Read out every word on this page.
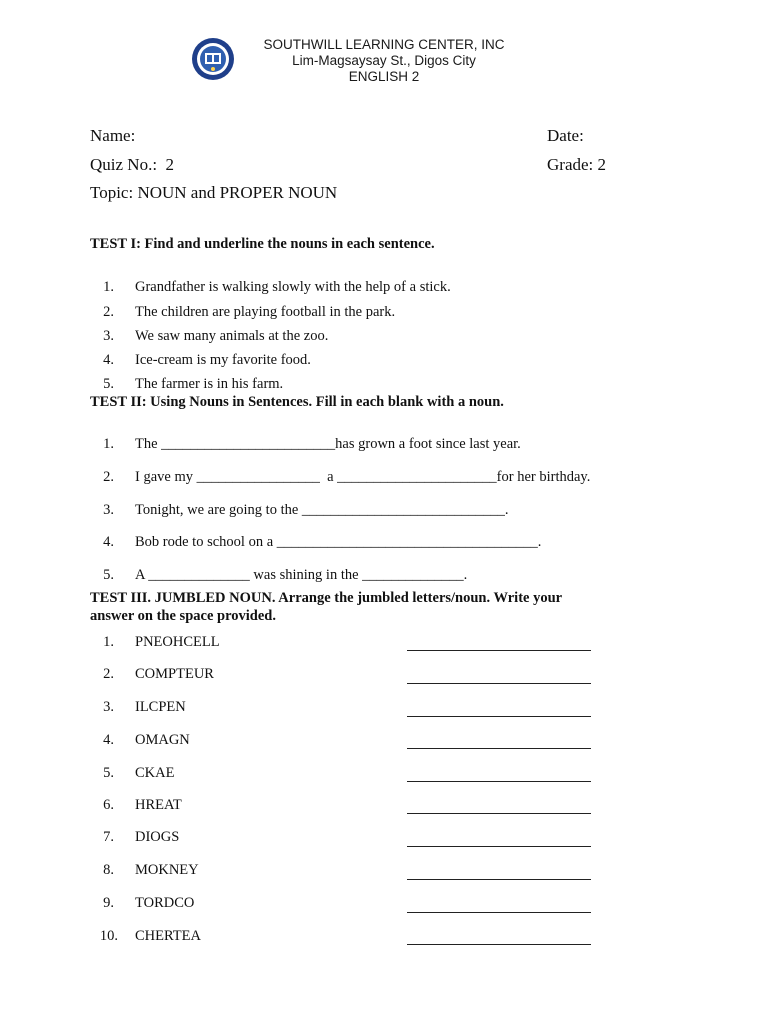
SOUTHWILL LEARNING CENTER, INC
Lim-Magsaysay St., Digos City
ENGLISH 2
Name:	Date:
Quiz No.:  2	Grade: 2
Topic: NOUN and PROPER NOUN
TEST I: Find and underline the nouns in each sentence.

1. Grandfather is walking slowly with the help of a stick.

2. The children are playing football in the park.

3. We saw many animals at the zoo.

4. Ice-cream is my favorite food.

5. The farmer is in his farm.

TEST II: Using Nouns in Sentences. Fill in each blank with a noun.

1. The ________________________has grown a foot since last year.

2. I gave my _________________  a ______________________for her birthday.

3. Tonight, we are going to the ____________________________.

4. Bob rode to school on a ____________________________________.

5. A ______________ was shining in the ______________.

TEST III. JUMBLED NOUN. Arrange the jumbled letters/noun. Write your
answer on the space provided.
1. PNEOHCELL
2. COMPTEUR
3. ILCPEN
4. OMAGN
5. CKAE
6. HREAT
7. DIOGS
8. MOKNEY
9. TORDCO
10. CHERTEA
